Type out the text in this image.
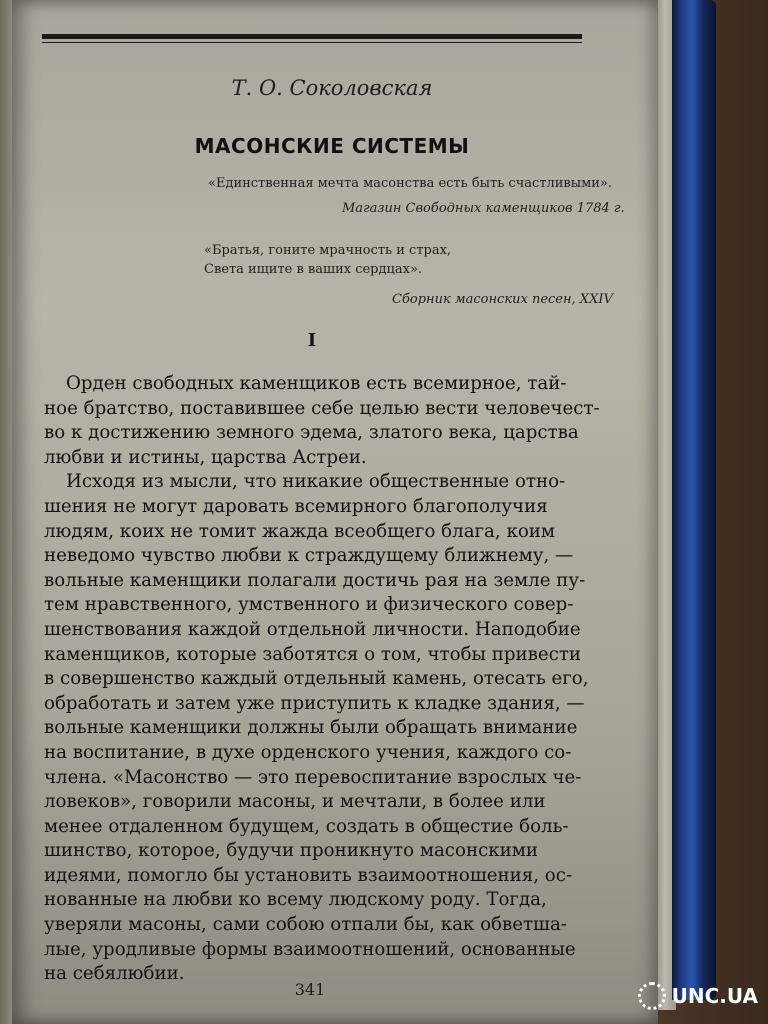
Т. О. Соколовская
МАСОНСКИЕ СИСТЕМЫ
«Единственная мечта масонства есть быть счастливыми».
Магазин Свободных каменщиков 1784 г.
«Братья, гоните мрачность и страх,
Света ищите в ваших сердцах».
Сборник масонских песен, XXIV
I
Орден свободных каменщиков есть всемирное, тай-
ное братство, поставившее себе целью вести человечест-
во к достижению земного эдема, златого века, царства
любви и истины, царства Астреи.
Исходя из мысли, что никакие общественные отно-
шения не могут даровать всемирного благополучия
людям, коих не томит жажда всеобщего блага, коим
неведомо чувство любви к страждущему ближнему, —
вольные каменщики полагали достичь рая на земле пу-
тем нравственного, умственного и физического совер-
шенствования каждой отдельной личности. Наподобие
каменщиков, которые заботятся о том, чтобы привести
в совершенство каждый отдельный камень, отесать его,
обработать и затем уже приступить к кладке здания, —
вольные каменщики должны были обращать внимание
на воспитание, в духе орденского учения, каждого со-
члена. «Масонство — это перевоспитание взрослых че-
ловеков», говорили масоны, и мечтали, в более или
менее отдаленном будущем, создать в общестие боль-
шинство, которое, будучи проникнуто масонскими
идеями, помогло бы установить взаимоотношения, ос-
нованные на любви ко всему людскому роду. Тогда,
уверяли масоны, сами собою отпали бы, как обветша-
лые, уродливые формы взаимоотношений, основанные
на себялюбии.
341	UNC.UA
